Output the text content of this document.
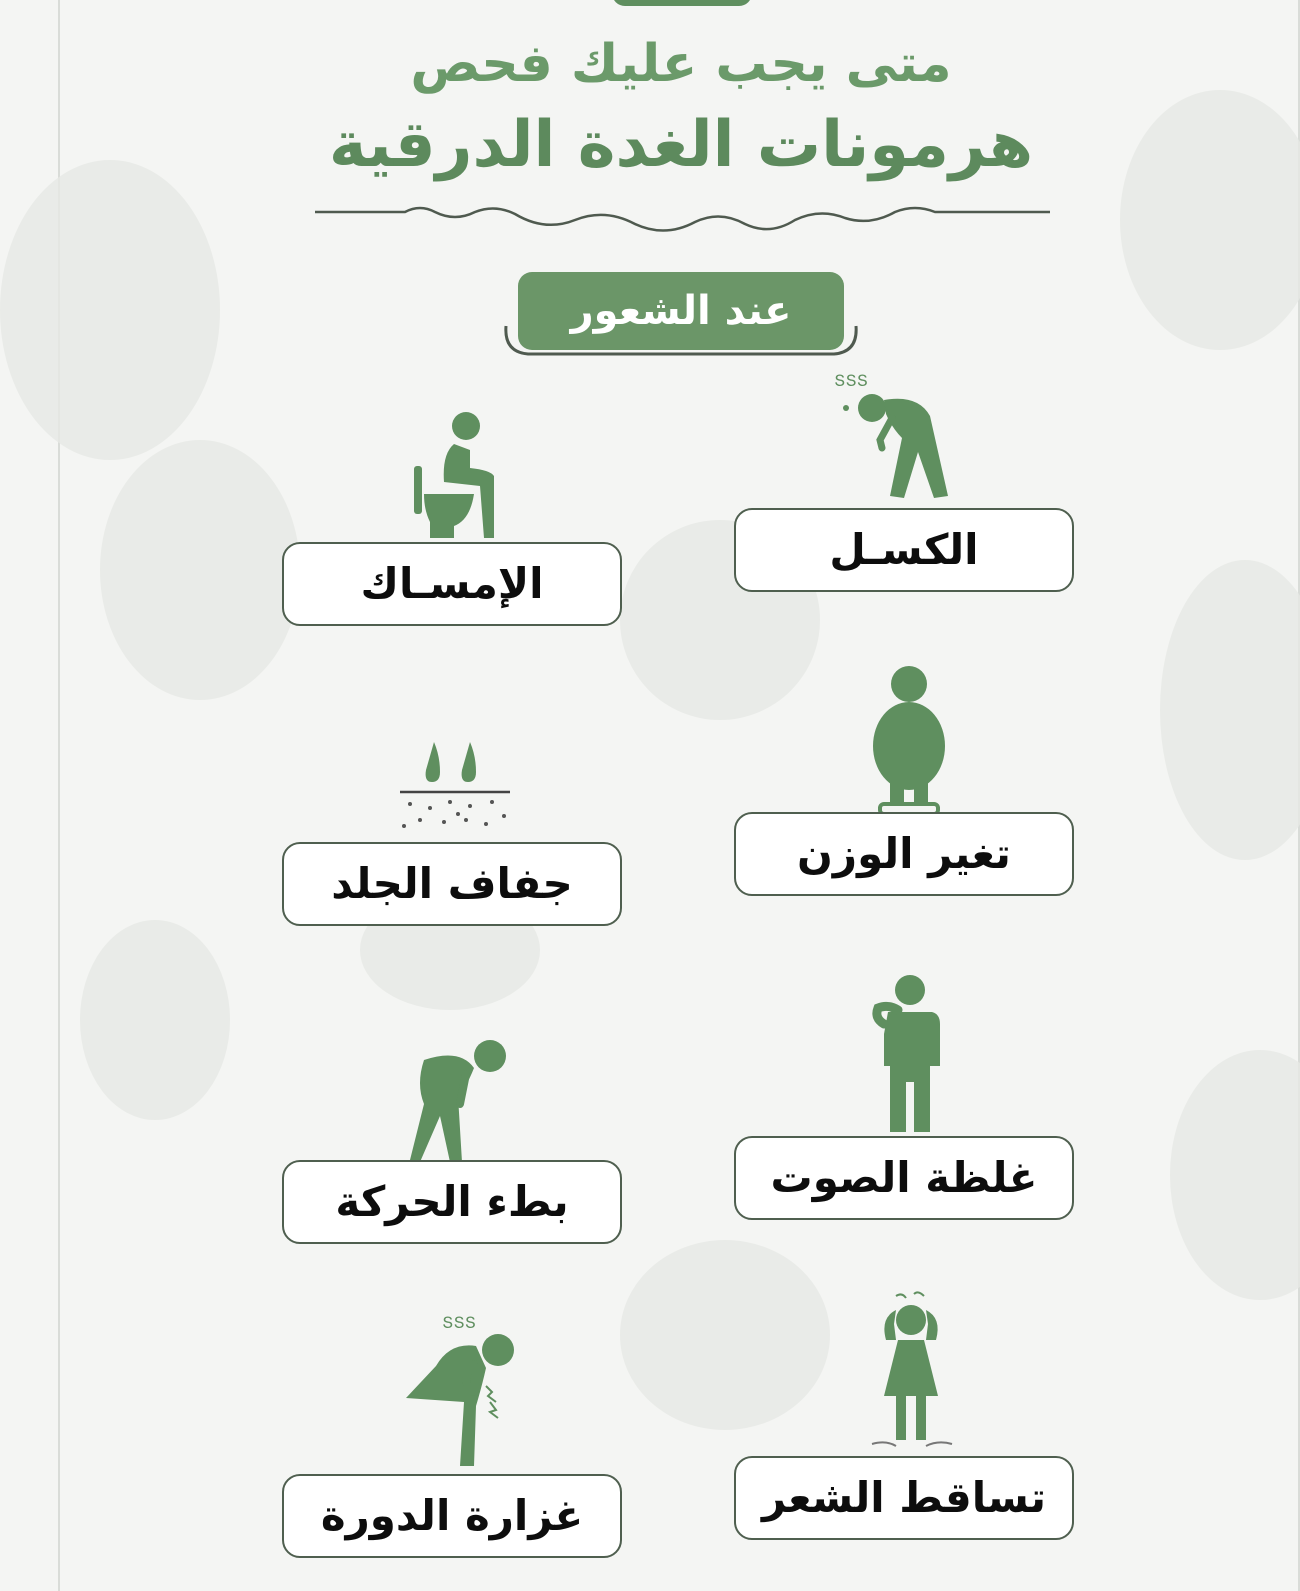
متى يجب عليك فحص
هرمونات الغدة الدرقية
عند الشعور
ՏՏՏ
الكسـل
الإمسـاك
تغير الوزن
جفاف الجلد
غلظة الصوت
بطء الحركة
تساقط الشعر
ՏՏՏ
غزارة الدورة
